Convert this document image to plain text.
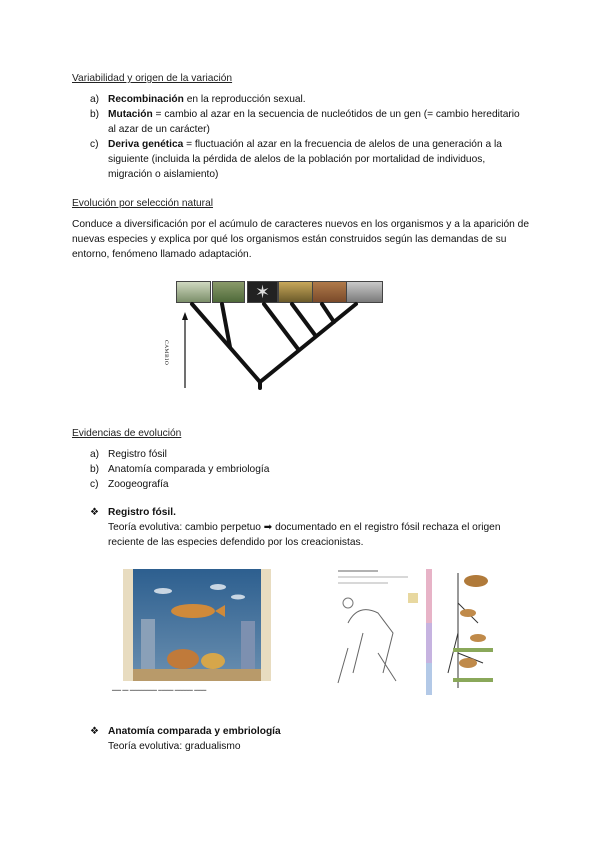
Variabilidad y origen de la variación
a) Recombinación en la reproducción sexual.
b) Mutación = cambio al azar en la secuencia de nucleótidos de un gen (= cambio hereditario al azar de un carácter)
c) Deriva genética = fluctuación al azar en la frecuencia de alelos de una generación a la siguiente (incluida la pérdida de alelos de la población por mortalidad de individuos, migración o aislamiento)
Evolución por selección natural
Conduce a diversificación por el acúmulo de caracteres nuevos en los organismos y a la aparición de nuevas especies y explica por qué los organismos están construidos según las demandas de su entorno, fenómeno llamado adaptación.
✶
CAMBIO
Evidencias de evolución
a) Registro fósil
b) Anatomía comparada y embriología
c) Zoogeografía
❖ Registro fósil.
Teoría evolutiva: cambio perpetuo ➡ documentado en el registro fósil rechaza el origen reciente de las especies defendido por los creacionistas.
━━━ ━━ ━━━━━━━━━ ━━━━━ ━━━━━━ ━━━━
❖ Anatomía comparada y embriología
Teoría evolutiva: gradualismo
